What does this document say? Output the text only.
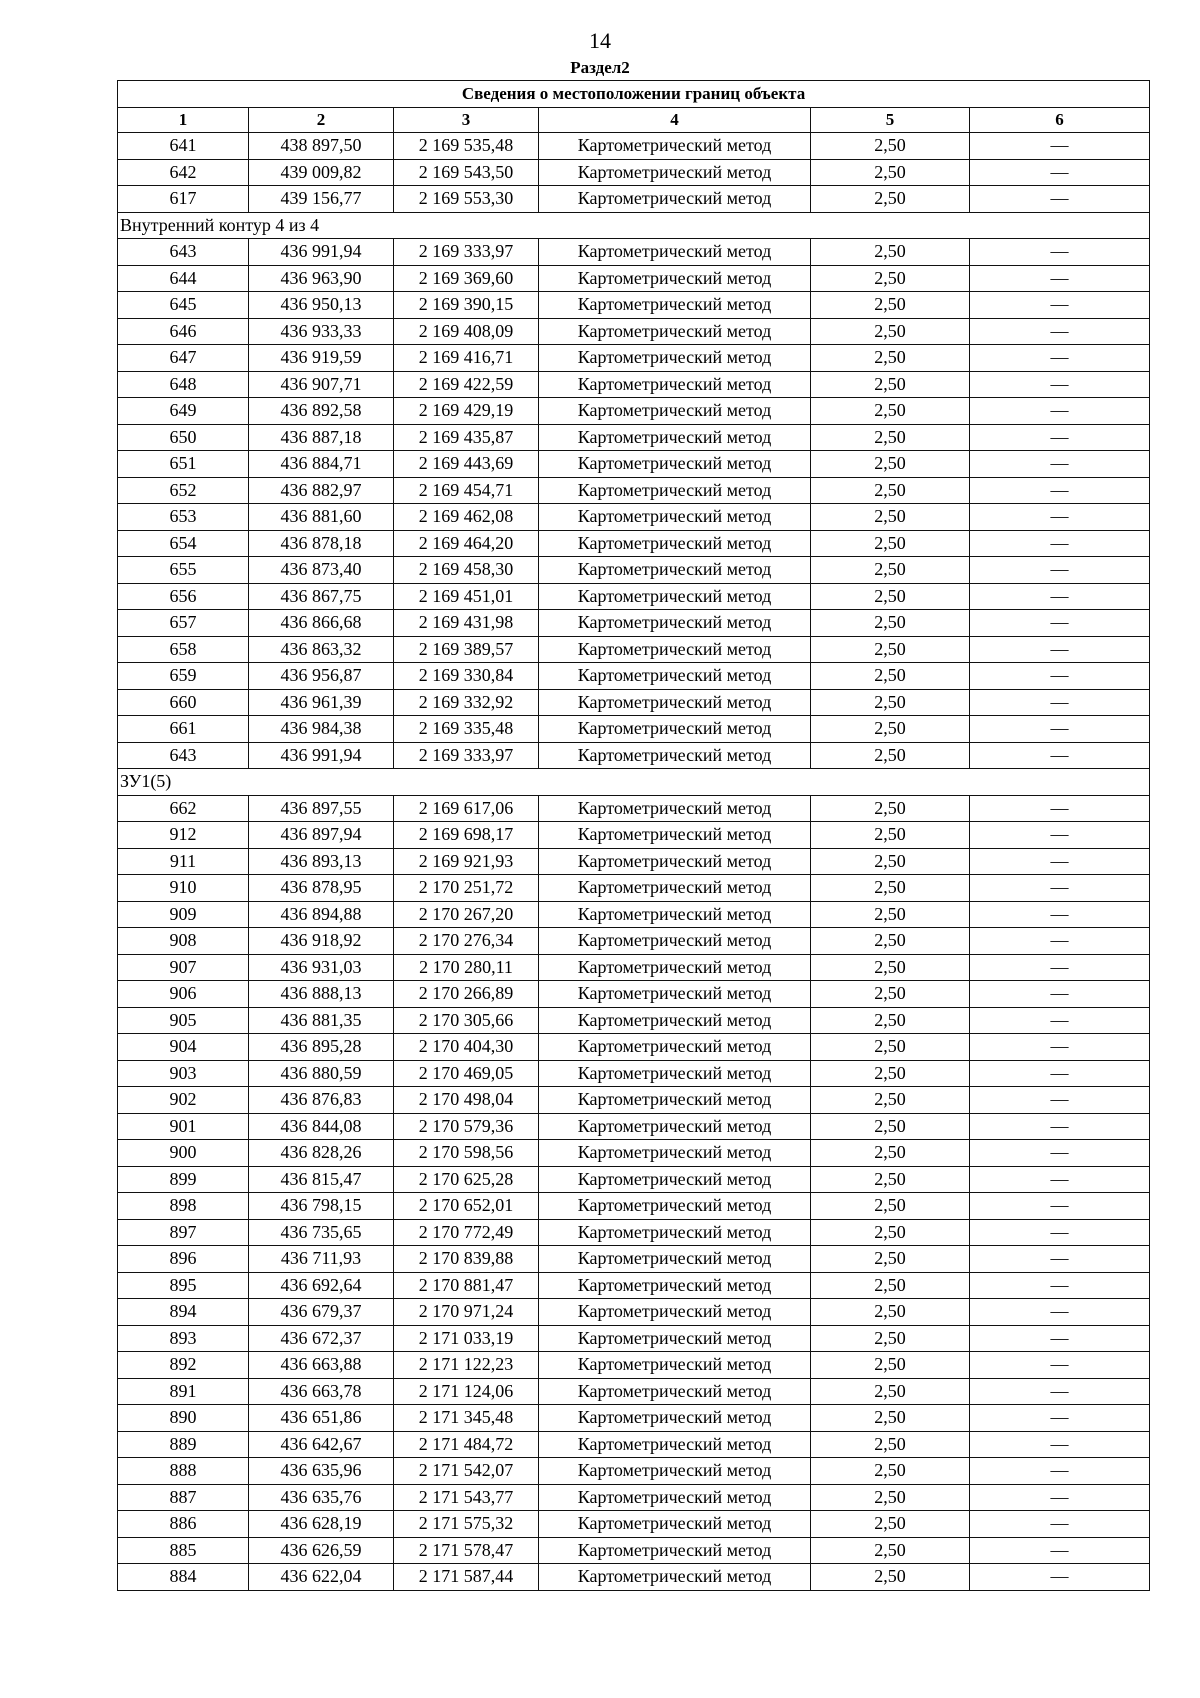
14
Раздел2
Сведения о местоположении границ объекта					
1	2	3	4	5	6
641	438 897,50	2 169 535,48	Картометрический метод	2,50	—
642	439 009,82	2 169 543,50	Картометрический метод	2,50	—
617	439 156,77	2 169 553,30	Картометрический метод	2,50	—
Внутренний контур 4 из 4					
643	436 991,94	2 169 333,97	Картометрический метод	2,50	—
644	436 963,90	2 169 369,60	Картометрический метод	2,50	—
645	436 950,13	2 169 390,15	Картометрический метод	2,50	—
646	436 933,33	2 169 408,09	Картометрический метод	2,50	—
647	436 919,59	2 169 416,71	Картометрический метод	2,50	—
648	436 907,71	2 169 422,59	Картометрический метод	2,50	—
649	436 892,58	2 169 429,19	Картометрический метод	2,50	—
650	436 887,18	2 169 435,87	Картометрический метод	2,50	—
651	436 884,71	2 169 443,69	Картометрический метод	2,50	—
652	436 882,97	2 169 454,71	Картометрический метод	2,50	—
653	436 881,60	2 169 462,08	Картометрический метод	2,50	—
654	436 878,18	2 169 464,20	Картометрический метод	2,50	—
655	436 873,40	2 169 458,30	Картометрический метод	2,50	—
656	436 867,75	2 169 451,01	Картометрический метод	2,50	—
657	436 866,68	2 169 431,98	Картометрический метод	2,50	—
658	436 863,32	2 169 389,57	Картометрический метод	2,50	—
659	436 956,87	2 169 330,84	Картометрический метод	2,50	—
660	436 961,39	2 169 332,92	Картометрический метод	2,50	—
661	436 984,38	2 169 335,48	Картометрический метод	2,50	—
643	436 991,94	2 169 333,97	Картометрический метод	2,50	—
ЗУ1(5)					
662	436 897,55	2 169 617,06	Картометрический метод	2,50	—
912	436 897,94	2 169 698,17	Картометрический метод	2,50	—
911	436 893,13	2 169 921,93	Картометрический метод	2,50	—
910	436 878,95	2 170 251,72	Картометрический метод	2,50	—
909	436 894,88	2 170 267,20	Картометрический метод	2,50	—
908	436 918,92	2 170 276,34	Картометрический метод	2,50	—
907	436 931,03	2 170 280,11	Картометрический метод	2,50	—
906	436 888,13	2 170 266,89	Картометрический метод	2,50	—
905	436 881,35	2 170 305,66	Картометрический метод	2,50	—
904	436 895,28	2 170 404,30	Картометрический метод	2,50	—
903	436 880,59	2 170 469,05	Картометрический метод	2,50	—
902	436 876,83	2 170 498,04	Картометрический метод	2,50	—
901	436 844,08	2 170 579,36	Картометрический метод	2,50	—
900	436 828,26	2 170 598,56	Картометрический метод	2,50	—
899	436 815,47	2 170 625,28	Картометрический метод	2,50	—
898	436 798,15	2 170 652,01	Картометрический метод	2,50	—
897	436 735,65	2 170 772,49	Картометрический метод	2,50	—
896	436 711,93	2 170 839,88	Картометрический метод	2,50	—
895	436 692,64	2 170 881,47	Картометрический метод	2,50	—
894	436 679,37	2 170 971,24	Картометрический метод	2,50	—
893	436 672,37	2 171 033,19	Картометрический метод	2,50	—
892	436 663,88	2 171 122,23	Картометрический метод	2,50	—
891	436 663,78	2 171 124,06	Картометрический метод	2,50	—
890	436 651,86	2 171 345,48	Картометрический метод	2,50	—
889	436 642,67	2 171 484,72	Картометрический метод	2,50	—
888	436 635,96	2 171 542,07	Картометрический метод	2,50	—
887	436 635,76	2 171 543,77	Картометрический метод	2,50	—
886	436 628,19	2 171 575,32	Картометрический метод	2,50	—
885	436 626,59	2 171 578,47	Картометрический метод	2,50	—
884	436 622,04	2 171 587,44	Картометрический метод	2,50	—
